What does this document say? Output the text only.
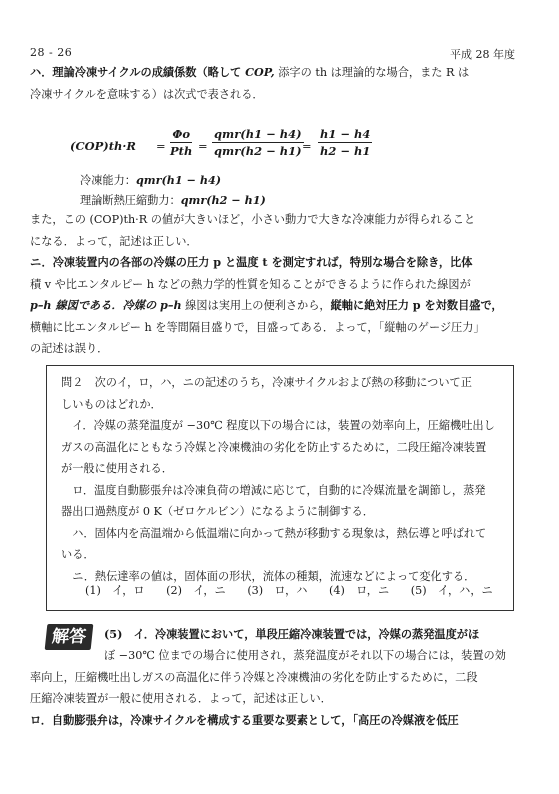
28 - 26	平成 28 年度

ハ．理論冷凍サイクルの成績係数（略して COP, 添字の th は理論的な場合，また R は

冷凍サイクルを意味する）は次式で表される．

(COP)th·R =
Φo
Pth =
qmr(h1 − h4)
$qmr(h2 - h1) = \frac{h1 - h4}{h2 - h1}$
冷凍能力：qmr(h1 − h4)
理論断熱圧縮動力：qmr(h2 − h1)

また，この (COP)th·R の値が大きいほど，小さい動力で大きな冷凍能力が得られること

になる．よって，記述は正しい．

ニ．冷凍装置内の各部の冷媒の圧力 p と温度 t を測定すれば，特別な場合を除き，比体

積 v や比エンタルピー h などの熱力学的性質を知ることができるように作られた線図が

p–h 線図である．冷媒の p–h 線図は実用上の便利さから，縦軸に絶対圧力 p を対数目盛で，

横軸に比エンタルピー h を等間隔目盛りで，目盛ってある．よって，「縦軸のゲージ圧力」

の記述は誤り．

問２　次のイ，ロ，ハ，ニの記述のうち，冷凍サイクルおよび熱の移動について正

しいものはどれか．

イ．冷媒の蒸発温度が −30℃ 程度以下の場合には，装置の効率向上，圧縮機吐出し

ガスの高温化にともなう冷媒と冷凍機油の劣化を防止するために，二段圧縮冷凍装置

が一般に使用される．

ロ．温度自動膨張弁は冷凍負荷の増減に応じて，自動的に冷媒流量を調節し，蒸発

器出口過熱度が 0 K（ゼロケルビン）になるように制御する．

ハ．固体内を高温端から低温端に向かって熱が移動する現象は，熱伝導と呼ばれて

いる．

ニ．熱伝達率の値は，固体面の形状，流体の種類，流速などによって変化する．

(1)　イ，ロ (2)　イ，ニ (3)　ロ，ハ (4)　ロ，ニ (5)　イ，ハ，ニ
解答	(5)　イ．冷凍装置において，単段圧縮冷凍装置では，冷媒の蒸発温度がほ
ぼ −30℃ 位までの場合に使用され，蒸発温度がそれ以下の場合には，装置の効
率向上，圧縮機吐出しガスの高温化に伴う冷媒と冷凍機油の劣化を防止するために，二段
圧縮冷凍装置が一般に使用される．よって，記述は正しい．
ロ．自動膨張弁は，冷凍サイクルを構成する重要な要素として，「高圧の冷媒液を低圧
